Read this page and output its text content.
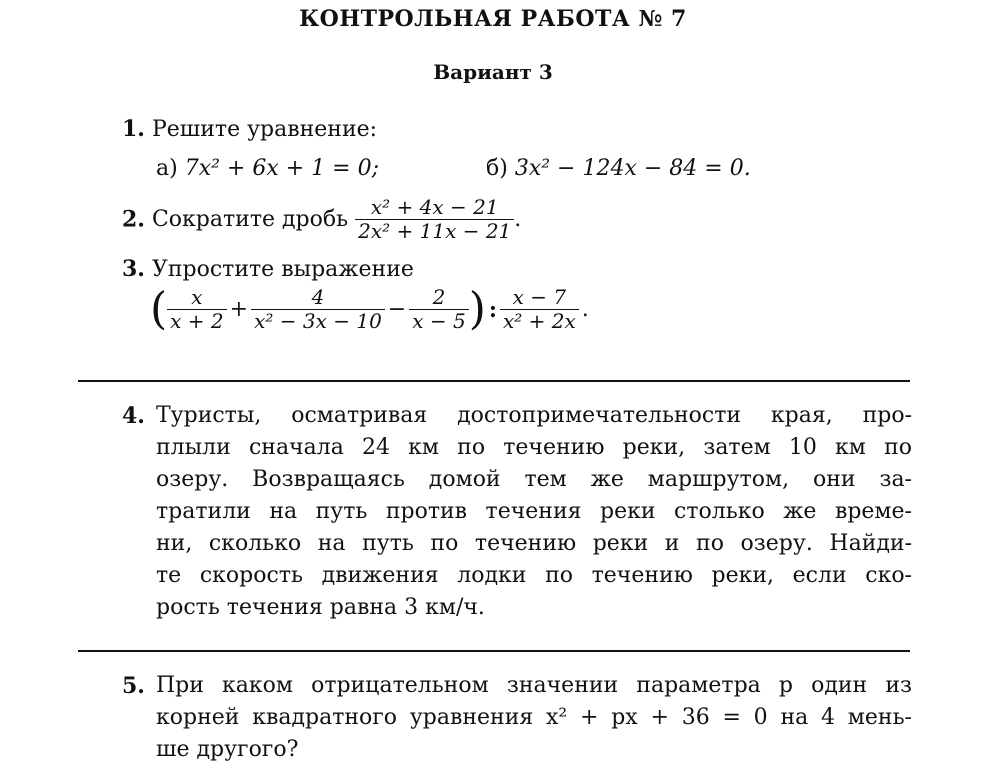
КОНТРОЛЬНАЯ РАБОТА № 7
Вариант 3
1. Решите уравнение:
а) 7x² + 6x + 1 = 0;	б) 3x² − 124x − 84 = 0.
2. Сократите дробь $\frac{\text{x² + 4x − 21}}{\text{2x² + 11x − 21}}$ .
3. Упростите выражение
( $\frac{x}{x + 2} + \frac{4}{\text{x² − 3x − 10}} - \frac{2}{x - 5}$ ) : $\frac{x - 7}{\text{x² + 2x}}$ .
4. Туристы, осматривая достопримечательности края, про-
плыли сначала 24 км по течению реки, затем 10 км по
озеру. Возвращаясь домой тем же маршрутом, они за-
тратили на путь против течения реки столько же време-
ни, сколько на путь по течению реки и по озеру. Найди-
те скорость движения лодки по течению реки, если ско-
рость течения равна 3 км/ч.
5. При каком отрицательном значении параметра p один из
корней квадратного уравнения x² + px + 36 = 0 на 4 мень-
ше другого?
